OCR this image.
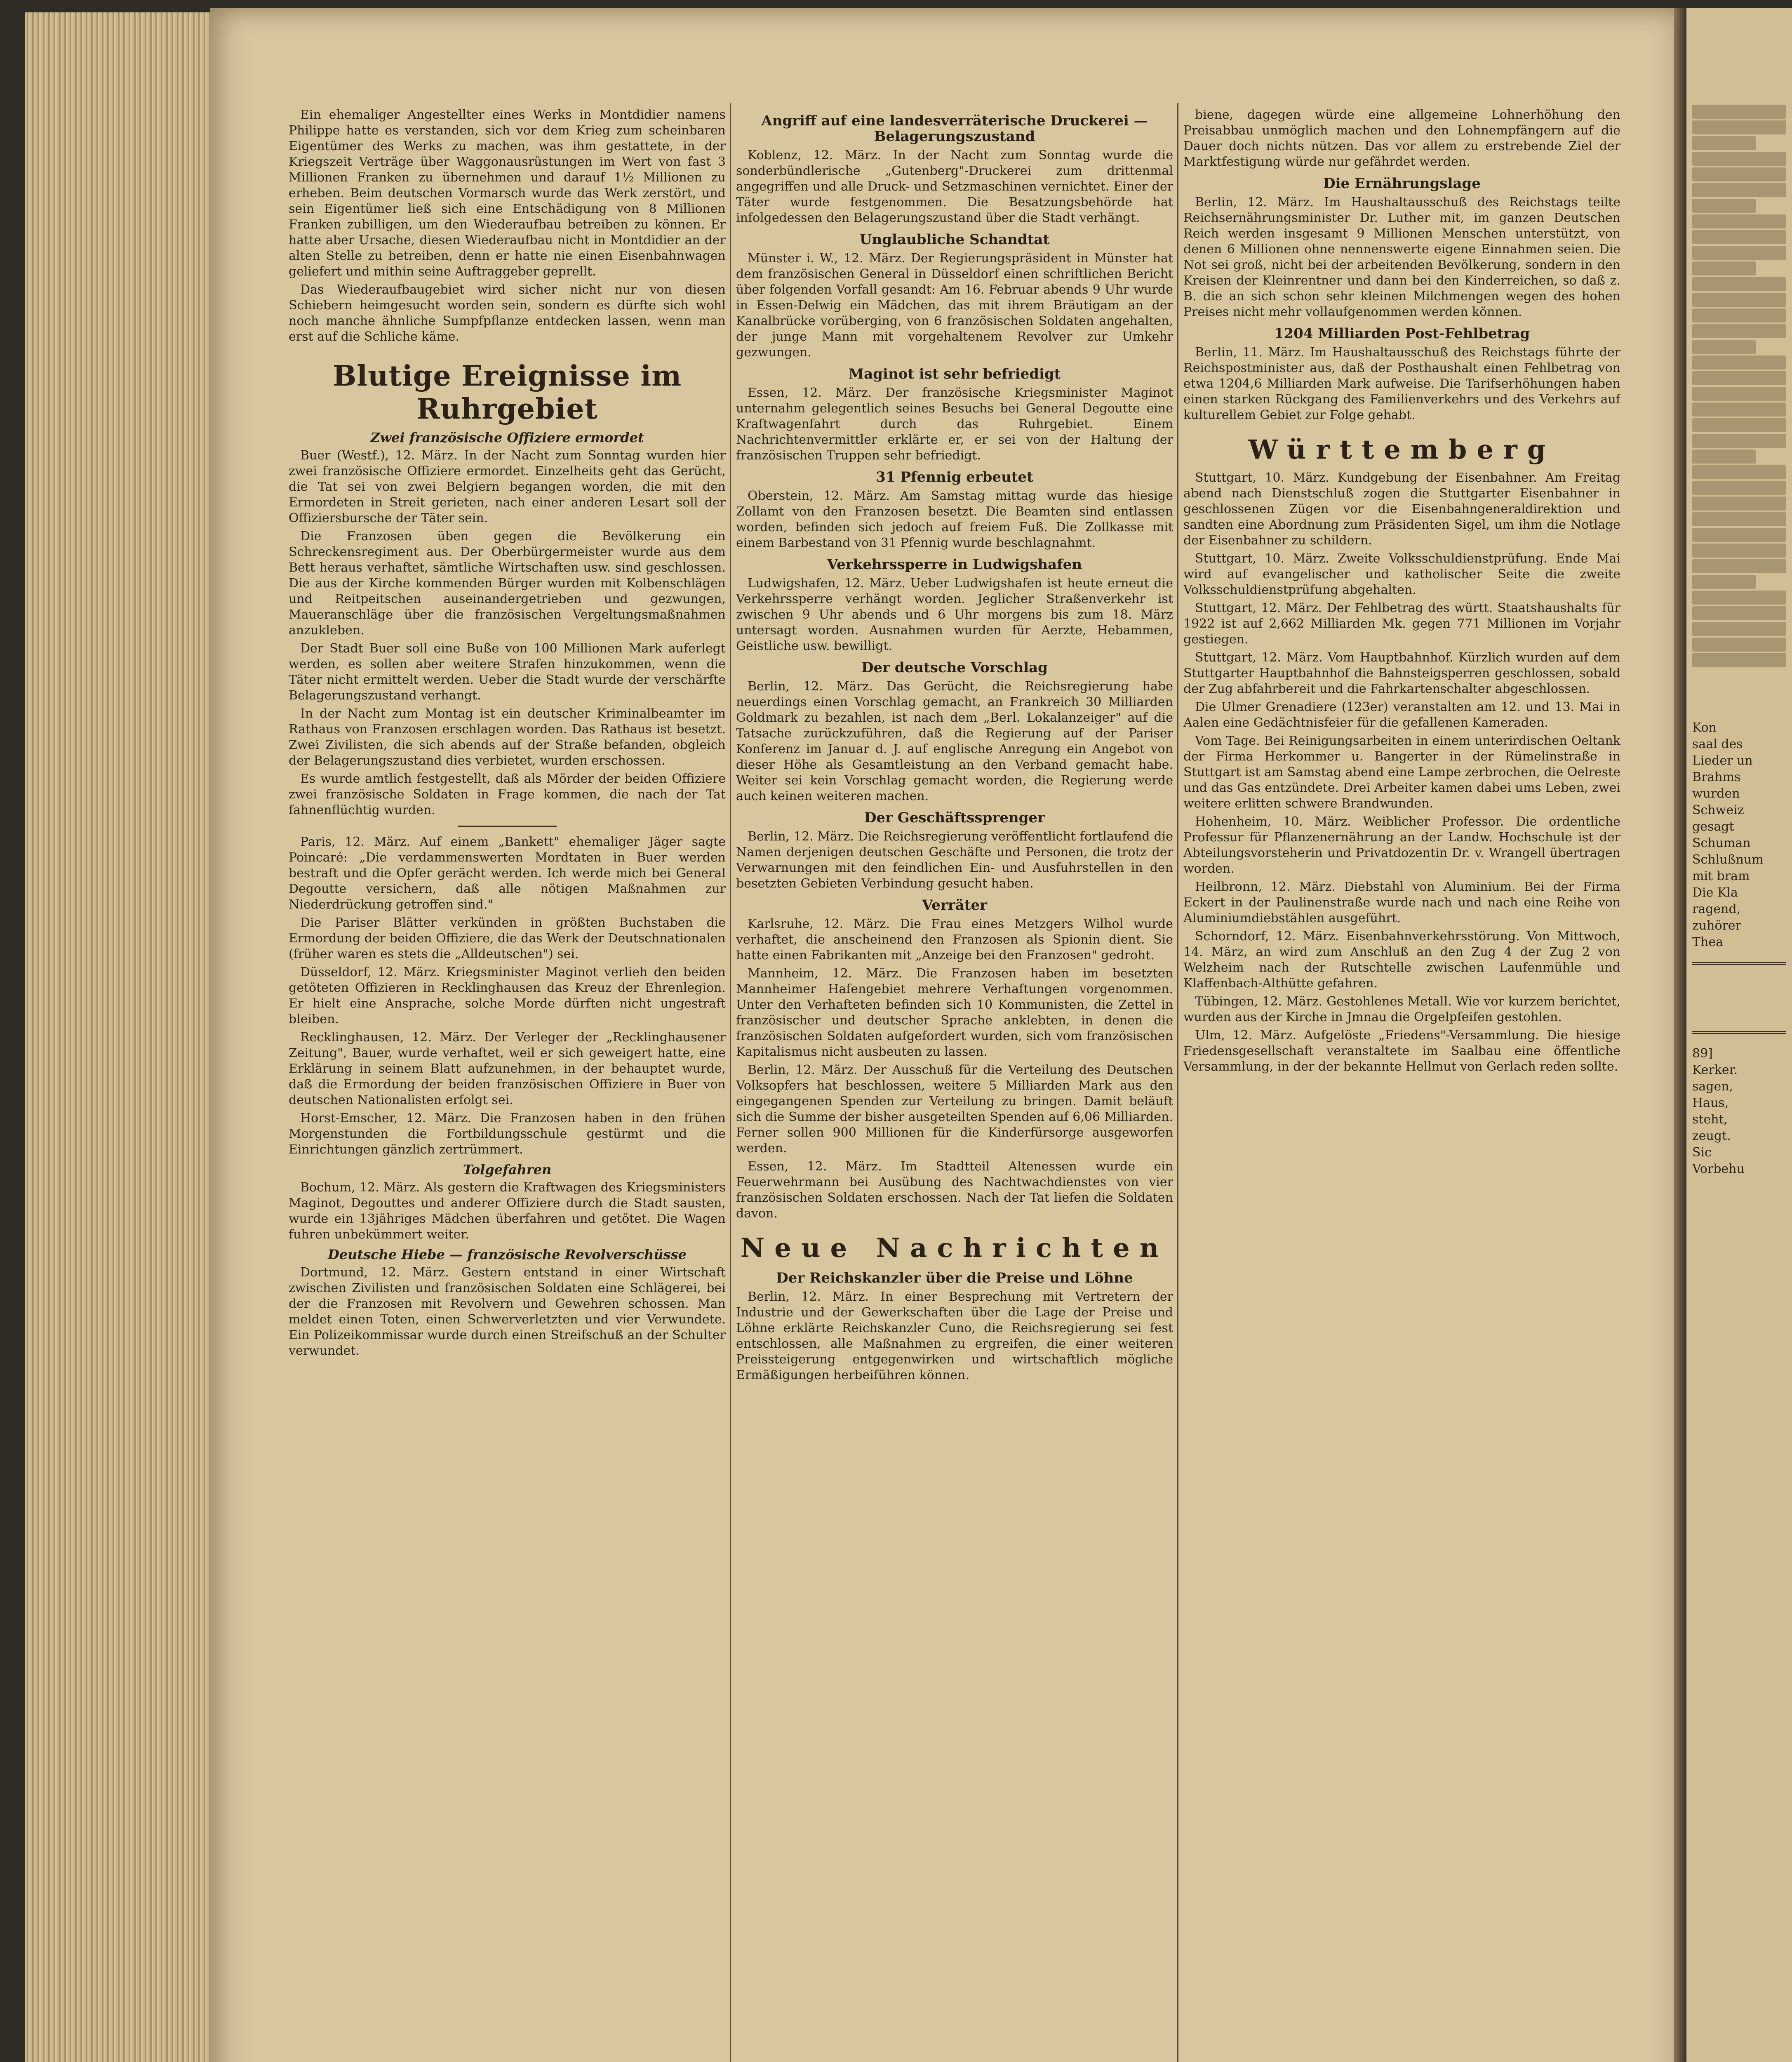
Ein ehemaliger Angestellter eines Werks in Montdidier namens Philippe hatte es verstanden, sich vor dem Krieg zum scheinbaren Eigentümer des Werks zu machen, was ihm gestattete, in der Kriegszeit Verträge über Waggonausrüstungen im Wert von fast 3 Millionen Franken zu übernehmen und darauf 1½ Millionen zu erheben. Beim deutschen Vormarsch wurde das Werk zerstört, und sein Eigentümer ließ sich eine Entschädigung von 8 Millionen Franken zubilligen, um den Wiederaufbau betreiben zu können. Er hatte aber Ursache, diesen Wiederaufbau nicht in Montdidier an der alten Stelle zu betreiben, denn er hatte nie einen Eisenbahnwagen geliefert und mithin seine Auftraggeber geprellt.

Das Wiederaufbaugebiet wird sicher nicht nur von diesen Schiebern heimgesucht worden sein, sondern es dürfte sich wohl noch manche ähnliche Sumpfpflanze entdecken lassen, wenn man erst auf die Schliche käme.

Blutige Ereignisse im Ruhrgebiet
Zwei französische Offiziere ermordet

Buer (Westf.), 12. März. In der Nacht zum Sonntag wurden hier zwei französische Offiziere ermordet. Einzelheits geht das Gerücht, die Tat sei von zwei Belgiern begangen worden, die mit den Ermordeten in Streit gerieten, nach einer anderen Lesart soll der Offiziersbursche der Täter sein.

Die Franzosen üben gegen die Bevölkerung ein Schreckensregiment aus. Der Oberbürgermeister wurde aus dem Bett heraus verhaftet, sämtliche Wirtschaften usw. sind geschlossen. Die aus der Kirche kommenden Bürger wurden mit Kolbenschlägen und Reitpeitschen auseinandergetrieben und gezwungen, Maueranschläge über die französischen Vergeltungsmaßnahmen anzukleben.

Der Stadt Buer soll eine Buße von 100 Millionen Mark auferlegt werden, es sollen aber weitere Strafen hinzukommen, wenn die Täter nicht ermittelt werden. Ueber die Stadt wurde der verschärfte Belagerungszustand verhangt.

In der Nacht zum Montag ist ein deutscher Kriminalbeamter im Rathaus von Franzosen erschlagen worden. Das Rathaus ist besetzt. Zwei Zivilisten, die sich abends auf der Straße befanden, obgleich der Belagerungszustand dies verbietet, wurden erschossen.

Es wurde amtlich festgestellt, daß als Mörder der beiden Offiziere zwei französische Soldaten in Frage kommen, die nach der Tat fahnenflüchtig wurden.

Paris, 12. März. Auf einem „Bankett" ehemaliger Jäger sagte Poincaré: „Die verdammenswerten Mordtaten in Buer werden bestraft und die Opfer gerächt werden. Ich werde mich bei General Degoutte versichern, daß alle nötigen Maßnahmen zur Niederdrückung getroffen sind."

Die Pariser Blätter verkünden in größten Buchstaben die Ermordung der beiden Offiziere, die das Werk der Deutschnationalen (früher waren es stets die „Alldeutschen") sei.

Düsseldorf, 12. März. Kriegsminister Maginot verlieh den beiden getöteten Offizieren in Recklinghausen das Kreuz der Ehrenlegion. Er hielt eine Ansprache, solche Morde dürften nicht ungestraft bleiben.

Recklinghausen, 12. März. Der Verleger der „Recklinghausener Zeitung", Bauer, wurde verhaftet, weil er sich geweigert hatte, eine Erklärung in seinem Blatt aufzunehmen, in der behauptet wurde, daß die Ermordung der beiden französischen Offiziere in Buer von deutschen Nationalisten erfolgt sei.

Horst-Emscher, 12. März. Die Franzosen haben in den frühen Morgenstunden die Fortbildungsschule gestürmt und die Einrichtungen gänzlich zertrümmert.

Tolgefahren

Bochum, 12. März. Als gestern die Kraftwagen des Kriegsministers Maginot, Degouttes und anderer Offiziere durch die Stadt sausten, wurde ein 13jähriges Mädchen überfahren und getötet. Die Wagen fuhren unbekümmert weiter.

Deutsche Hiebe — französische Revolverschüsse

Dortmund, 12. März. Gestern entstand in einer Wirtschaft zwischen Zivilisten und französischen Soldaten eine Schlägerei, bei der die Franzosen mit Revolvern und Gewehren schossen. Man meldet einen Toten, einen Schwerverletzten und vier Verwundete. Ein Polizeikommissar wurde durch einen Streifschuß an der Schulter verwundet.

Angriff auf eine landesverräterische Druckerei — Belagerungszustand

Koblenz, 12. März. In der Nacht zum Sonntag wurde die sonderbündlerische „Gutenberg"-Druckerei zum drittenmal angegriffen und alle Druck- und Setzmaschinen vernichtet. Einer der Täter wurde festgenommen. Die Besatzungsbehörde hat infolgedessen den Belagerungszustand über die Stadt verhängt.

Unglaubliche Schandtat

Münster i. W., 12. März. Der Regierungspräsident in Münster hat dem französischen General in Düsseldorf einen schriftlichen Bericht über folgenden Vorfall gesandt: Am 16. Februar abends 9 Uhr wurde in Essen-Delwig ein Mädchen, das mit ihrem Bräutigam an der Kanalbrücke vorüberging, von 6 französischen Soldaten angehalten, der junge Mann mit vorgehaltenem Revolver zur Umkehr gezwungen.

Maginot ist sehr befriedigt

Essen, 12. März. Der französische Kriegsminister Maginot unternahm gelegentlich seines Besuchs bei General Degoutte eine Kraftwagenfahrt durch das Ruhrgebiet. Einem Nachrichtenvermittler erklärte er, er sei von der Haltung der französischen Truppen sehr befriedigt.

31 Pfennig erbeutet

Oberstein, 12. März. Am Samstag mittag wurde das hiesige Zollamt von den Franzosen besetzt. Die Beamten sind entlassen worden, befinden sich jedoch auf freiem Fuß. Die Zollkasse mit einem Barbestand von 31 Pfennig wurde beschlagnahmt.

Verkehrssperre in Ludwigshafen

Ludwigshafen, 12. März. Ueber Ludwigshafen ist heute erneut die Verkehrssperre verhängt worden. Jeglicher Straßenverkehr ist zwischen 9 Uhr abends und 6 Uhr morgens bis zum 18. März untersagt worden. Ausnahmen wurden für Aerzte, Hebammen, Geistliche usw. bewilligt.

Der deutsche Vorschlag

Berlin, 12. März. Das Gerücht, die Reichsregierung habe neuerdings einen Vorschlag gemacht, an Frankreich 30 Milliarden Goldmark zu bezahlen, ist nach dem „Berl. Lokalanzeiger" auf die Tatsache zurückzuführen, daß die Regierung auf der Pariser Konferenz im Januar d. J. auf englische Anregung ein Angebot von dieser Höhe als Gesamtleistung an den Verband gemacht habe. Weiter sei kein Vorschlag gemacht worden, die Regierung werde auch keinen weiteren machen.

Der Geschäftssprenger

Berlin, 12. März. Die Reichsregierung veröffentlicht fortlaufend die Namen derjenigen deutschen Geschäfte und Personen, die trotz der Verwarnungen mit den feindlichen Ein- und Ausfuhrstellen in den besetzten Gebieten Verbindung gesucht haben.

Verräter

Karlsruhe, 12. März. Die Frau eines Metzgers Wilhol wurde verhaftet, die anscheinend den Franzosen als Spionin dient. Sie hatte einen Fabrikanten mit „Anzeige bei den Franzosen" gedroht.

Mannheim, 12. März. Die Franzosen haben im besetzten Mannheimer Hafengebiet mehrere Verhaftungen vorgenommen. Unter den Verhafteten befinden sich 10 Kommunisten, die Zettel in französischer und deutscher Sprache anklebten, in denen die französischen Soldaten aufgefordert wurden, sich vom französischen Kapitalismus nicht ausbeuten zu lassen.

Berlin, 12. März. Der Ausschuß für die Verteilung des Deutschen Volksopfers hat beschlossen, weitere 5 Milliarden Mark aus den eingegangenen Spenden zur Verteilung zu bringen. Damit beläuft sich die Summe der bisher ausgeteilten Spenden auf 6,06 Milliarden. Ferner sollen 900 Millionen für die Kinderfürsorge ausgeworfen werden.

Essen, 12. März. Im Stadtteil Altenessen wurde ein Feuerwehrmann bei Ausübung des Nachtwachdienstes von vier französischen Soldaten erschossen. Nach der Tat liefen die Soldaten davon.

Neue Nachrichten
Der Reichskanzler über die Preise und Löhne

Berlin, 12. März. In einer Besprechung mit Vertretern der Industrie und der Gewerkschaften über die Lage der Preise und Löhne erklärte Reichskanzler Cuno, die Reichsregierung sei fest entschlossen, alle Maßnahmen zu ergreifen, die einer weiteren Preissteigerung entgegenwirken und wirtschaftlich mögliche Ermäßigungen herbeiführen können.

biene, dagegen würde eine allgemeine Lohnerhöhung den Preisabbau unmöglich machen und den Lohnempfängern auf die Dauer doch nichts nützen. Das vor allem zu erstrebende Ziel der Marktfestigung würde nur gefährdet werden.

Die Ernährungslage

Berlin, 12. März. Im Haushaltausschuß des Reichstags teilte Reichsernährungsminister Dr. Luther mit, im ganzen Deutschen Reich werden insgesamt 9 Millionen Menschen unterstützt, von denen 6 Millionen ohne nennenswerte eigene Einnahmen seien. Die Not sei groß, nicht bei der arbeitenden Bevölkerung, sondern in den Kreisen der Kleinrentner und dann bei den Kinderreichen, so daß z. B. die an sich schon sehr kleinen Milchmengen wegen des hohen Preises nicht mehr vollaufgenommen werden können.

1204 Milliarden Post-Fehlbetrag

Berlin, 11. März. Im Haushaltausschuß des Reichstags führte der Reichspostminister aus, daß der Posthaushalt einen Fehlbetrag von etwa 1204,6 Milliarden Mark aufweise. Die Tarifserhöhungen haben einen starken Rückgang des Familienverkehrs und des Verkehrs auf kulturellem Gebiet zur Folge gehabt.

Württemberg

Stuttgart, 10. März. Kundgebung der Eisenbahner. Am Freitag abend nach Dienstschluß zogen die Stuttgarter Eisenbahner in geschlossenen Zügen vor die Eisenbahngeneraldirektion und sandten eine Abordnung zum Präsidenten Sigel, um ihm die Notlage der Eisenbahner zu schildern.

Stuttgart, 10. März. Zweite Volksschuldienstprüfung. Ende Mai wird auf evangelischer und katholischer Seite die zweite Volksschuldienstprüfung abgehalten.

Stuttgart, 12. März. Der Fehlbetrag des württ. Staatshaushalts für 1922 ist auf 2,662 Milliarden Mk. gegen 771 Millionen im Vorjahr gestiegen.

Stuttgart, 12. März. Vom Hauptbahnhof. Kürzlich wurden auf dem Stuttgarter Hauptbahnhof die Bahnsteigsperren geschlossen, sobald der Zug abfahrbereit und die Fahrkartenschalter abgeschlossen.

Die Ulmer Grenadiere (123er) veranstalten am 12. und 13. Mai in Aalen eine Gedächtnisfeier für die gefallenen Kameraden.

Vom Tage. Bei Reinigungsarbeiten in einem unterirdischen Oeltank der Firma Herkommer u. Bangerter in der Rümelinstraße in Stuttgart ist am Samstag abend eine Lampe zerbrochen, die Oelreste und das Gas entzündete. Drei Arbeiter kamen dabei ums Leben, zwei weitere erlitten schwere Brandwunden.

Hohenheim, 10. März. Weiblicher Professor. Die ordentliche Professur für Pflanzenernährung an der Landw. Hochschule ist der Abteilungsvorsteherin und Privatdozentin Dr. v. Wrangell übertragen worden.

Heilbronn, 12. März. Diebstahl von Aluminium. Bei der Firma Eckert in der Paulinenstraße wurde nach und nach eine Reihe von Aluminiumdiebstählen ausgeführt.

Schorndorf, 12. März. Eisenbahnverkehrsstörung. Von Mittwoch, 14. März, an wird zum Anschluß an den Zug 4 der Zug 2 von Welzheim nach der Rutschtelle zwischen Laufenmühle und Klaffenbach-Althütte gefahren.

Tübingen, 12. März. Gestohlenes Metall. Wie vor kurzem berichtet, wurden aus der Kirche in Jmnau die Orgelpfeifen gestohlen.

Ulm, 12. März. Aufgelöste „Friedens"-Versammlung. Die hiesige Friedensgesellschaft veranstaltete im Saalbau eine öffentliche Versammlung, in der der bekannte Hellmut von Gerlach reden sollte.

Kon
saal des
Lieder un
Brahms
wurden
Schweiz
gesagt
Schuman
Schlußnum
mit bram
Die Kla
ragend,
zuhörer
Thea
89]
Kerker.
sagen,
Haus,
steht,
zeugt.
Sic
Vorbehu
